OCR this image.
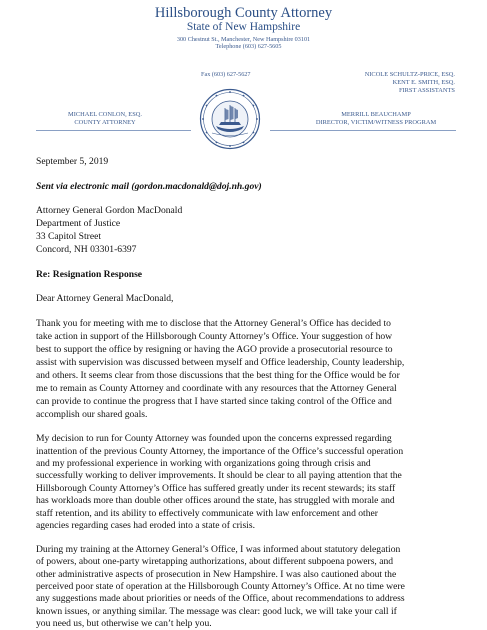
Hillsborough County Attorney
State of New Hampshire
300 Chestnut St., Manchester, New Hampshire 03101
Telephone (603) 627-5605
Fax (603) 627-5627	NICOLE SCHULTZ-PRICE, ESQ.
KENT E. SMITH, ESQ.
FIRST ASSISTANTS
MICHAEL CONLON, ESQ.
COUNTY ATTORNEY
MERRILL BEAUCHAMP
DIRECTOR, VICTIM/WITNESS PROGRAM
September 5, 2019
Sent via electronic mail (gordon.macdonald@doj.nh.gov)
Attorney General Gordon MacDonald
Department of Justice
33 Capitol Street
Concord, NH 03301-6397
Re: Resignation Response
Dear Attorney General MacDonald,
Thank you for meeting with me to disclose that the Attorney General’s Office has decided to
take action in support of the Hillsborough County Attorney’s Office. Your suggestion of how
best to support the office by resigning or having the AGO provide a prosecutorial resource to
assist with supervision was discussed between myself and Office leadership, County leadership,
and others. It seems clear from those discussions that the best thing for the Office would be for
me to remain as County Attorney and coordinate with any resources that the Attorney General
can provide to continue the progress that I have started since taking control of the Office and
accomplish our shared goals.
My decision to run for County Attorney was founded upon the concerns expressed regarding
inattention of the previous County Attorney, the importance of the Office’s successful operation
and my professional experience in working with organizations going through crisis and
successfully working to deliver improvements. It should be clear to all paying attention that the
Hillsborough County Attorney’s Office has suffered greatly under its recent stewards; its staff
has workloads more than double other offices around the state, has struggled with morale and
staff retention, and its ability to effectively communicate with law enforcement and other
agencies regarding cases had eroded into a state of crisis.
During my training at the Attorney General’s Office, I was informed about statutory delegation
of powers, about one-party wiretapping authorizations, about different subpoena powers, and
other administrative aspects of prosecution in New Hampshire. I was also cautioned about the
perceived poor state of operation at the Hillsborough County Attorney’s Office. At no time were
any suggestions made about priorities or needs of the Office, about recommendations to address
known issues, or anything similar. The message was clear: good luck, we will take your call if
you need us, but otherwise we can’t help you.
